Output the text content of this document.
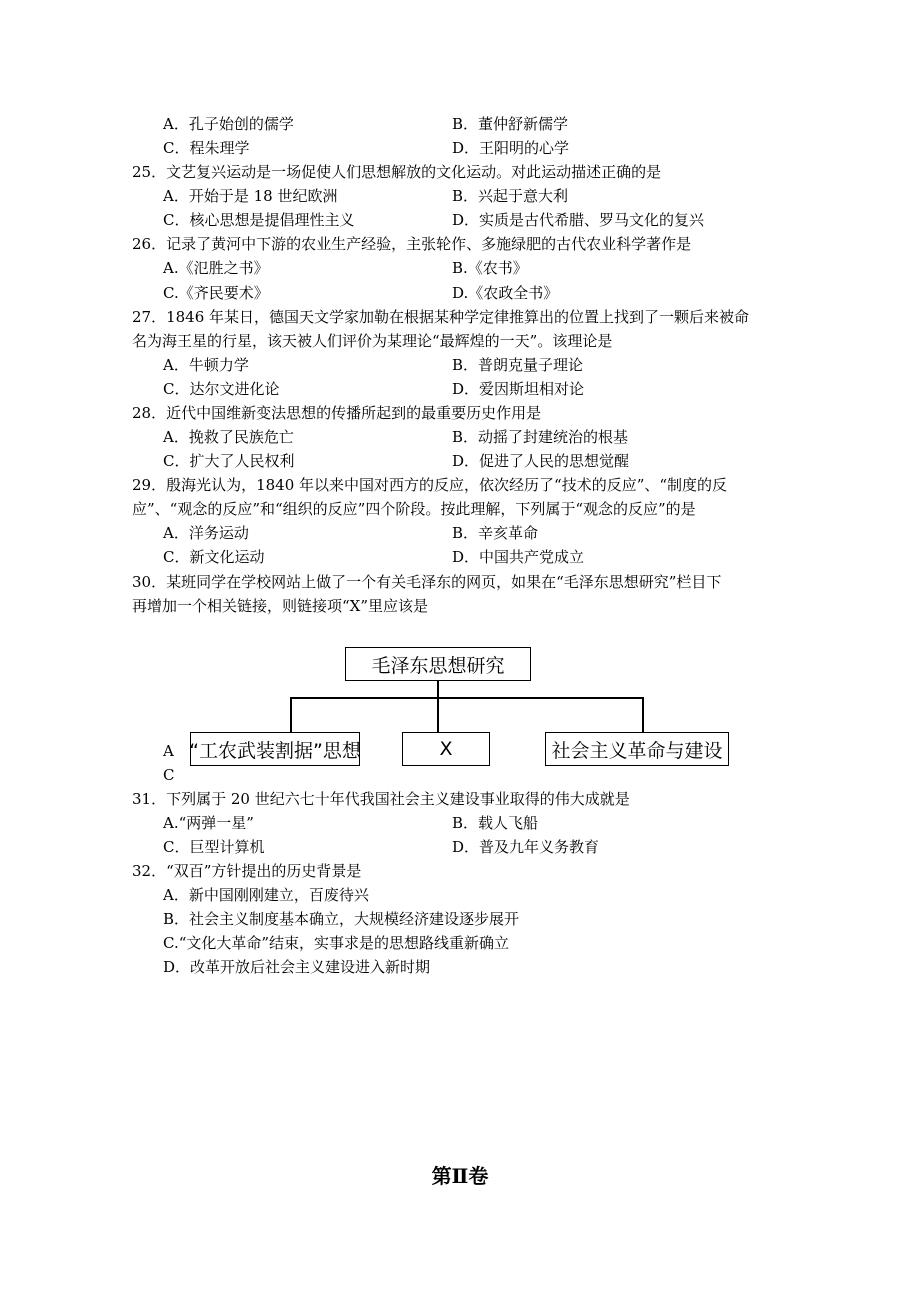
A．孔子始创的儒学	B．董仲舒新儒学
C．程朱理学	D．王阳明的心学
25．文艺复兴运动是一场促使人们思想解放的文化运动。对此运动描述正确的是
A．开始于是 18 世纪欧洲	B．兴起于意大利
C．核心思想是提倡理性主义	D．实质是古代希腊、罗马文化的复兴
26．记录了黄河中下游的农业生产经验，主张轮作、多施绿肥的古代农业科学著作是
A.《氾胜之书》	B.《农书》
C.《齐民要术》	D.《农政全书》
27．1846 年某日，德国天文学家加勒在根据某种学定律推算出的位置上找到了一颗后来被命
名为海王星的行星，该天被人们评价为某理论“最辉煌的一天”。该理论是
A．牛顿力学	B．普朗克量子理论
C．达尔文进化论	D．爱因斯坦相对论
28．近代中国维新变法思想的传播所起到的最重要历史作用是
A．挽救了民族危亡	B．动摇了封建统治的根基
C．扩大了人民权利	D．促进了人民的思想觉醒
29．殷海光认为，1840 年以来中国对西方的反应，依次经历了“技术的反应”、“制度的反
应”、“观念的反应”和“组织的反应”四个阶段。按此理解，下列属于“观念的反应”的是
A．洋务运动	B．辛亥革命
C．新文化运动	D．中国共产党成立
30．某班同学在学校网站上做了一个有关毛泽东的网页，如果在“毛泽东思想研究”栏目下
再增加一个相关链接，则链接项“X”里应该是
毛泽东思想研究
“工农武装割据”思想	X	社会主义革命与建设
A
C
31．下列属于 20 世纪六七十年代我国社会主义建设事业取得的伟大成就是
A.“两弹一星”	B．载人飞船
C．巨型计算机	D．普及九年义务教育
32．“双百”方针提出的历史背景是
A．新中国刚刚建立，百废待兴
B．社会主义制度基本确立，大规模经济建设逐步展开
C.“文化大革命”结束，实事求是的思想路线重新确立
D．改革开放后社会主义建设进入新时期
第Ⅱ卷
